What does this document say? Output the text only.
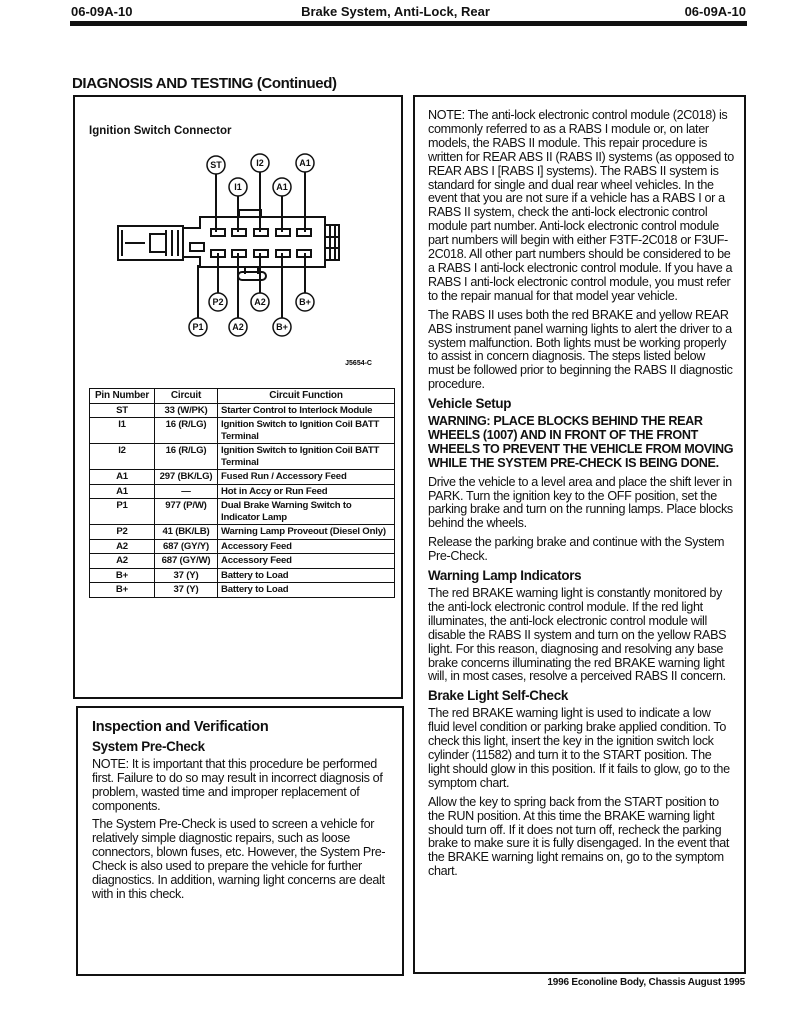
06-09A-10	Brake System, Anti-Lock, Rear	06-09A-10
DIAGNOSIS AND TESTING (Continued)
Ignition Switch Connector
ST	I2	A1
I1	A1
P2	A2	B+
P1	A2	B+
J5654-C
Pin Number	Circuit	Circuit Function
ST	33 (W/PK)	Starter Control to Interlock Module
I1	16 (R/LG)	Ignition Switch to Ignition Coil BATT Terminal
I2	16 (R/LG)	Ignition Switch to Ignition Coil BATT Terminal
A1	297 (BK/LG)	Fused Run / Accessory Feed
A1	—	Hot in Accy or Run Feed
P1	977 (P/W)	Dual Brake Warning Switch to Indicator Lamp
P2	41 (BK/LB)	Warning Lamp Proveout (Diesel Only)
A2	687 (GY/Y)	Accessory Feed
A2	687 (GY/W)	Accessory Feed
B+	37 (Y)	Battery to Load
B+	37 (Y)	Battery to Load
Inspection and Verification
System Pre-Check

NOTE: It is important that this procedure be performed first. Failure to do so may result in incorrect diagnosis of problem, wasted time and improper replacement of components.

The System Pre-Check is used to screen a vehicle for relatively simple diagnostic repairs, such as loose connectors, blown fuses, etc. However, the System Pre-Check is also used to prepare the vehicle for further diagnostics. In addition, warning light concerns are dealt with in this check.

NOTE: The anti-lock electronic control module (2C018) is commonly referred to as a RABS I module or, on later models, the RABS II module. This repair procedure is written for REAR ABS II (RABS II) systems (as opposed to REAR ABS I [RABS I] systems). The RABS II system is standard for single and dual rear wheel vehicles. In the event that you are not sure if a vehicle has a RABS I or a RABS II system, check the anti-lock electronic control module part number. Anti-lock electronic control module part numbers will begin with either F3TF-2C018 or F3UF-2C018. All other part numbers should be considered to be a RABS I anti-lock electronic control module. If you have a RABS I anti-lock electronic control module, you must refer to the repair manual for that model year vehicle.

The RABS II uses both the red BRAKE and yellow REAR ABS instrument panel warning lights to alert the driver to a system malfunction. Both lights must be working properly to assist in concern diagnosis. The steps listed below must be followed prior to beginning the RABS II diagnostic procedure.

Vehicle Setup

WARNING: PLACE BLOCKS BEHIND THE REAR WHEELS (1007) AND IN FRONT OF THE FRONT WHEELS TO PREVENT THE VEHICLE FROM MOVING WHILE THE SYSTEM PRE-CHECK IS BEING DONE.

Drive the vehicle to a level area and place the shift lever in PARK. Turn the ignition key to the OFF position, set the parking brake and turn on the running lamps. Place blocks behind the wheels.

Release the parking brake and continue with the System Pre-Check.

Warning Lamp Indicators

The red BRAKE warning light is constantly monitored by the anti-lock electronic control module. If the red light illuminates, the anti-lock electronic control module will disable the RABS II system and turn on the yellow RABS light. For this reason, diagnosing and resolving any base brake concerns illuminating the red BRAKE warning light will, in most cases, resolve a perceived RABS II concern.

Brake Light Self-Check

The red BRAKE warning light is used to indicate a low fluid level condition or parking brake applied condition. To check this light, insert the key in the ignition switch lock cylinder (11582) and turn it to the START position. The light should glow in this position. If it fails to glow, go to the symptom chart.

Allow the key to spring back from the START position to the RUN position. At this time the BRAKE warning light should turn off. If it does not turn off, recheck the parking brake to make sure it is fully disengaged. In the event that the BRAKE warning light remains on, go to the symptom chart.

1996 Econoline Body, Chassis August 1995
